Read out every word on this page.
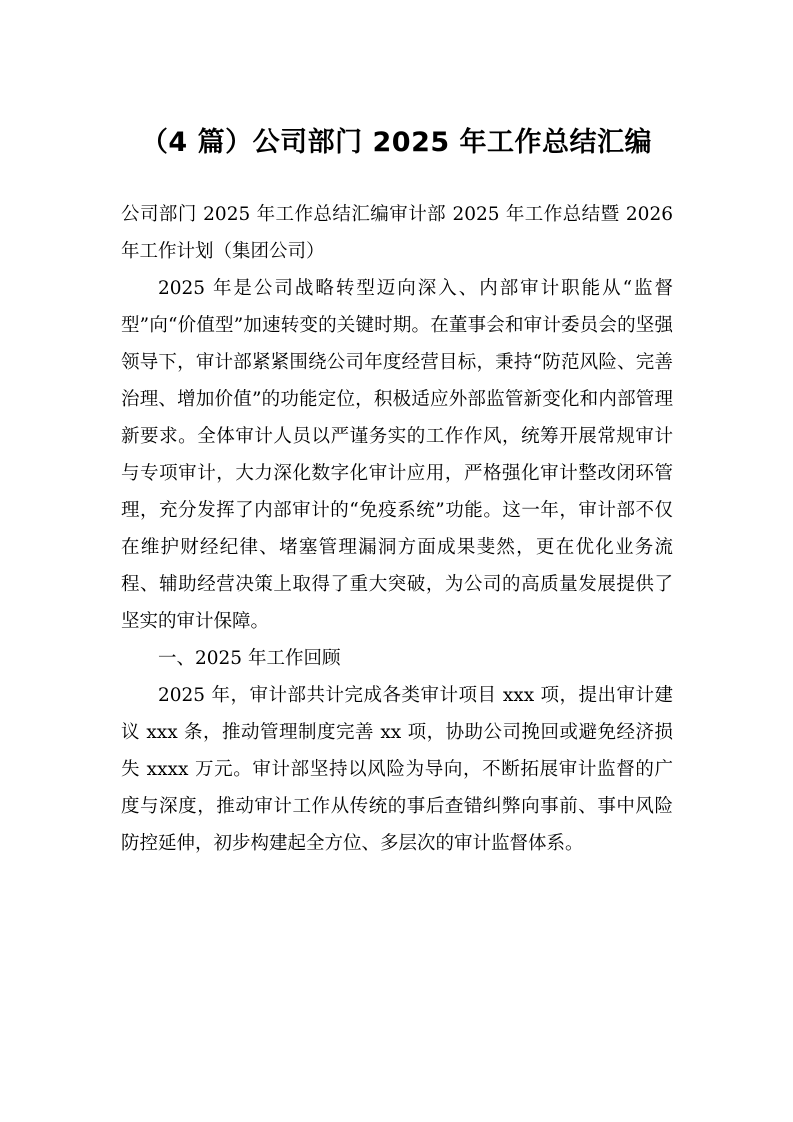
（4 篇）公司部门 2025 年工作总结汇编

公司部门 2025 年工作总结汇编审计部 2025 年工作总结暨 2026 年工作计划（集团公司）

2025 年是公司战略转型迈向深入、内部审计职能从“监督型”向“价值型”加速转变的关键时期。在董事会和审计委员会的坚强领导下，审计部紧紧围绕公司年度经营目标，秉持“防范风险、完善治理、增加价值”的功能定位，积极适应外部监管新变化和内部管理新要求。全体审计人员以严谨务实的工作作风，统筹开展常规审计与专项审计，大力深化数字化审计应用，严格强化审计整改闭环管理，充分发挥了内部审计的“免疫系统”功能。这一年，审计部不仅在维护财经纪律、堵塞管理漏洞方面成果斐然，更在优化业务流程、辅助经营决策上取得了重大突破，为公司的高质量发展提供了坚实的审计保障。

一、2025 年工作回顾

2025 年，审计部共计完成各类审计项目 xxx 项，提出审计建议 xxx 条，推动管理制度完善 xx 项，协助公司挽回或避免经济损失 xxxx 万元。审计部坚持以风险为导向，不断拓展审计监督的广度与深度，推动审计工作从传统的事后查错纠弊向事前、事中风险防控延伸，初步构建起全方位、多层次的审计监督体系。
